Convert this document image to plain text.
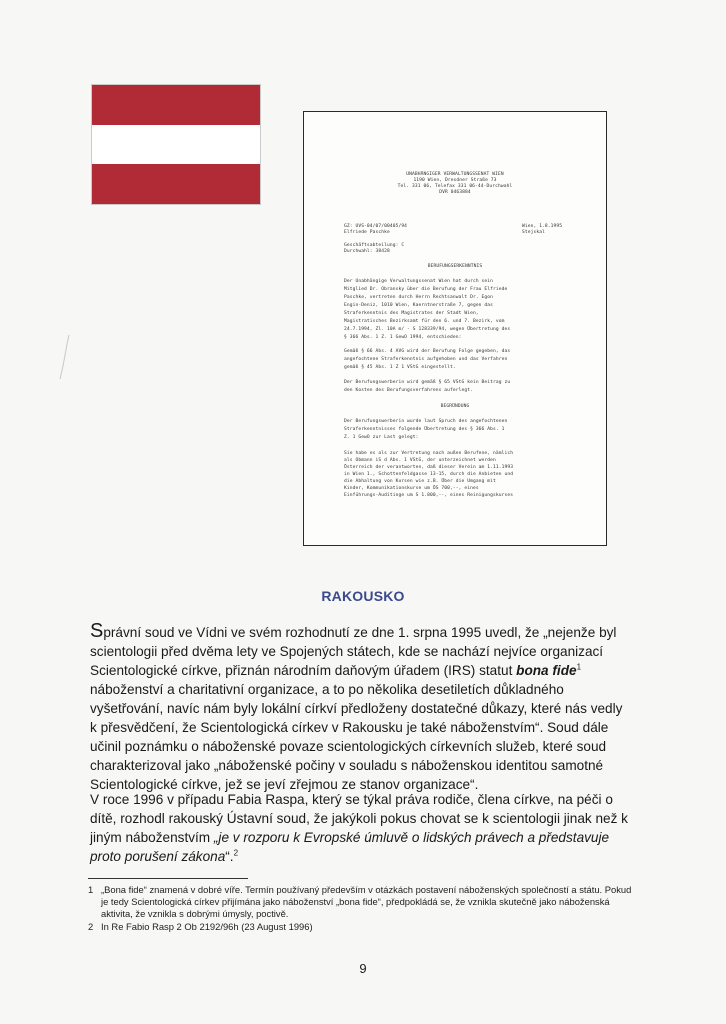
UNABHÄNGIGER VERWALTUNGSSENAT WIEN
1190 Wien, Dresdner Straße 73
Tel. 331 06, Telefax 331 06-44-Durchwahl
DVR 0463884
GZ: UVS-04/07/00405/94
Elfriede Paschke
Wien, 1.8.1995
Stejskal
Geschäftsabteilung: C
Durchwahl: 38428
BERUFUNGSERKENNTNIS
Der Unabhängige Verwaltungssenat Wien hat durch sein
Mitglied Dr. Obransky über die Berufung der Frau Elfriede
Paschke, vertreten durch Herrn Rechtsanwalt Dr. Egon
Engin-Deniz, 1010 Wien, Kaerntnerstraße 7, gegen das
Straferkenntnis des Magistrates der Stadt Wien,
Magistratisches Bezirksamt für den 6. und 7. Bezirk, vom
24.7.1994, Zl. 10A m/ - S 128339/94, wegen Übertretung des
§ 366 Abs. 1 Z. 1 GewO 1994, entschieden:
Gemäß § 66 Abs. 4 AVG wird der Berufung Folge gegeben, das
angefochtene Straferkenntnis aufgehoben und das Verfahren
gemäß § 45 Abs. 1 Z 1 VStG eingestellt.
Der Berufungswerberin wird gemäß § 65 VStG kein Beitrag zu
den Kosten des Berufungsverfahrens auferlegt.
BEGRÜNDUNG
Der Berufungswerberin wurde laut Spruch des angefochtenen
Straferkenntnisses folgende Übertretung des § 366 Abs. 1
Z. 1 GewO zur Last gelegt:
Sie habe es als zur Vertretung nach außen Berufene, nämlich
als Obmann iS d Abs. 1 VStG, der unterzeichnet werden
Österreich der verantworten, daß dieser Verein am 1.11.1993
in Wien 1., Schottenfeldgasse 13-15, durch die Anbieten und
die Abhaltung von Kursen wie z.B. Über die Umgang mit
Kinder, Kommunikationskurse um ÖS 700,--, eines
Einführungs-Auditinge um S 1.800,--, eines Reinigungskurses
RAKOUSKO
Správní soud ve Vídni ve svém rozhodnutí ze dne 1. srpna 1995 uvedl, že „nejenže byl scientologii před dvěma lety ve Spojených státech, kde se nachází nejvíce organizací Scientologické církve, přiznán národním daňovým úřadem (IRS) statut bona fide$^1$ náboženství a charitativní organizace, a to po několika desetiletích důkladného vyšetřování, navíc nám byly lokální církví předloženy dostatečné důkazy, které nás vedly k přesvědčení, že Scientologická církev v Rakousku je také náboženstvím“. Soud dále učinil poznámku o náboženské povaze scientologických církevních služeb, které soud charakterizoval jako „náboženské počiny v souladu s náboženskou identitou samotné Scientologické církve, jež se jeví zřejmou ze stanov organizace“.
V roce 1996 v případu Fabia Raspa, který se týkal práva rodiče, člena církve, na péči o dítě, rozhodl rakouský Ústavní soud, že jakýkoli pokus chovat se k scientologii jinak než k jiným náboženstvím „je v rozporu k Evropské úmluvě o lidských právech a představuje proto porušení zákona“.$^2$
1 „Bona fide“ znamená v dobré víře. Termín používaný především v otázkách postavení náboženských společností a státu. Pokud je tedy Scientologická církev přijímána jako náboženství „bona fide“, předpokládá se, že vznikla skutečně jako náboženská aktivita, že vznikla s dobrými úmysly, poctivě.
2 In Re Fabio Rasp 2 Ob 2192/96h (23 August 1996)
9
